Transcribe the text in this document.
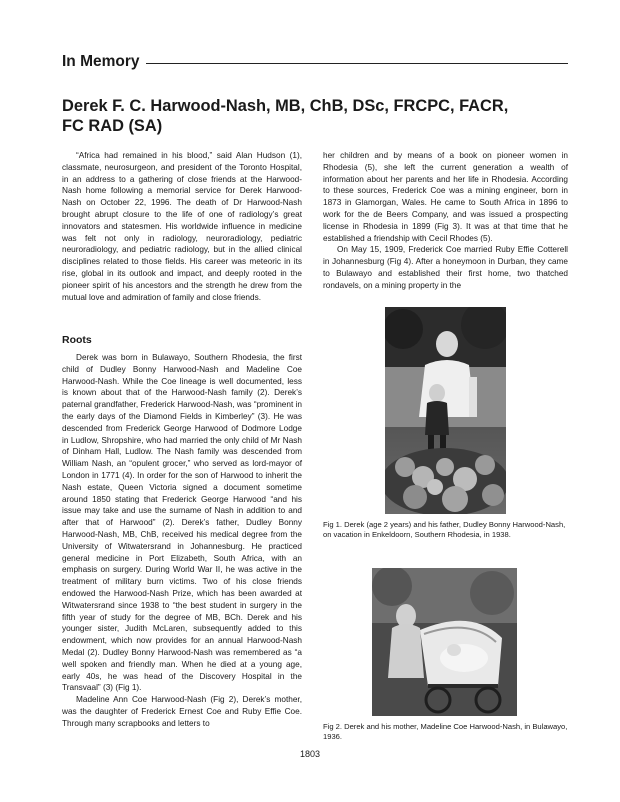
In Memory
Derek F. C. Harwood-Nash, MB, ChB, DSc, FRCPC, FACR, FC RAD (SA)

“Africa had remained in his blood,” said Alan Hudson (1), classmate, neurosurgeon, and president of the Toronto Hospital, in an address to a gathering of close friends at the Harwood-Nash home following a memorial service for Derek Harwood-Nash on October 22, 1996. The death of Dr Harwood-Nash brought abrupt closure to the life of one of radiology’s great innovators and statesmen. His worldwide influence in medicine was felt not only in radiology, neuroradiology, pediatric neuroradiology, and pediatric radiology, but in the allied clinical disciplines related to those fields. His career was meteoric in its rise, global in its outlook and impact, and deeply rooted in the pioneer spirit of his ancestors and the strength he drew from the mutual love and admiration of family and close friends.

Roots

Derek was born in Bulawayo, Southern Rhodesia, the first child of Dudley Bonny Harwood-Nash and Madeline Coe Harwood-Nash. While the Coe lineage is well documented, less is known about that of the Harwood-Nash family (2). Derek’s paternal grandfather, Frederick Harwood-Nash, was “prominent in the early days of the Diamond Fields in Kimberley” (3). He was descended from Frederick George Harwood of Dodmore Lodge in Ludlow, Shropshire, who had married the only child of Mr Nash of Dinham Hall, Ludlow. The Nash family was descended from William Nash, an “opulent grocer,” who served as lord-mayor of London in 1771 (4). In order for the son of Harwood to inherit the Nash estate, Queen Victoria signed a document sometime around 1850 stating that Frederick George Harwood “and his issue may take and use the surname of Nash in addition to and after that of Harwood” (2). Derek’s father, Dudley Bonny Harwood-Nash, MB, ChB, received his medical degree from the University of Witwatersrand in Johannesburg. He practiced general medicine in Port Elizabeth, South Africa, with an emphasis on surgery. During World War II, he was active in the treatment of military burn victims. Two of his close friends endowed the Harwood-Nash Prize, which has been awarded at Witwatersrand since 1938 to “the best student in surgery in the fifth year of study for the degree of MB, BCh. Derek and his younger sister, Judith McLaren, subsequently added to this endowment, which now provides for an annual Harwood-Nash Medal (2). Dudley Bonny Harwood-Nash was remembered as “a well spoken and friendly man. When he died at a young age, early 40s, he was head of the Discovery Hospital in the Transvaal” (3) (Fig 1).

Madeline Ann Coe Harwood-Nash (Fig 2), Derek’s mother, was the daughter of Frederick Ernest Coe and Ruby Effie Coe. Through many scrapbooks and letters to

her children and by means of a book on pioneer women in Rhodesia (5), she left the current generation a wealth of information about her parents and her life in Rhodesia. According to these sources, Frederick Coe was a mining engineer, born in 1873 in Glamorgan, Wales. He came to South Africa in 1896 to work for the de Beers Company, and was issued a prospecting license in Rhodesia in 1899 (Fig 3). It was at that time that he established a friendship with Cecil Rhodes (5).

On May 15, 1909, Frederick Coe married Ruby Effie Cotterell in Johannesburg (Fig 4). After a honeymoon in Durban, they came to Bulawayo and established their first home, two thatched rondavels, on a mining property in the

Fig 1. Derek (age 2 years) and his father, Dudley Bonny Harwood-Nash, on vacation in Enkeldoorn, Southern Rhodesia, in 1938.

Fig 2. Derek and his mother, Madeline Coe Harwood-Nash, in Bulawayo, 1936.

1803
